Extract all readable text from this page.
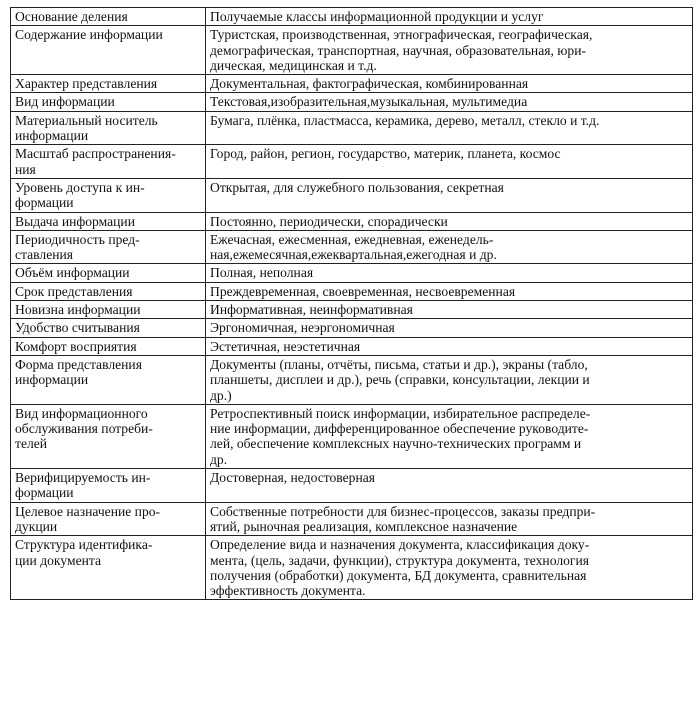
Основание деления	Получаемые классы информационной продукции и услуг
Содержание информации	Туристская, производственная, этнографическая, географическая,
демографическая, транспортная, научная, образовательная, юри-
дическая, медицинская и т.д.
Характер представления	Документальная, фактографическая, комбинированная
Вид информации	Текстовая,изобразительная,музыкальная, мультимедиа
Материальный носитель
информации	Бумага, плёнка, пластмасса, керамика, дерево, металл, стекло и т.д.
Масштаб распространения-
ния	Город, район, регион, государство, материк, планета, космос
Уровень доступа к ин-
формации	Открытая, для служебного пользования, секретная
Выдача информации	Постоянно, периодически, спорадически
Периодичность пред-
ставления	Ежечасная, ежесменная, ежедневная, еженедель-
ная,ежемесячная,ежеквартальная,ежегодная и др.
Объём информации	Полная, неполная
Срок представления	Преждевременная, своевременная, несвоевременная
Новизна информации	Информативная, неинформативная
Удобство считывания	Эргономичная, неэргономичная
Комфорт восприятия	Эстетичная, неэстетичная
Форма представления
информации	Документы (планы, отчёты, письма, статьи и др.), экраны (табло,
планшеты, дисплеи и др.), речь (справки, консультации, лекции и
др.)
Вид информационного
обслуживания потреби-
телей	Ретроспективный поиск информации, избирательное распределе-
ние информации, дифференцированное обеспечение руководите-
лей, обеспечение комплексных научно-технических программ и
др.
Верифицируемость ин-
формации	Достоверная, недостоверная
Целевое назначение про-
дукции	Собственные потребности для бизнес-процессов, заказы предпри-
ятий, рыночная реализация, комплексное назначение
Структура идентифика-
ции документа	Определение вида и назначения документа, классификация доку-
мента, (цель, задачи, функции), структура документа, технология
получения (обработки) документа, БД документа, сравнительная
эффективность документа.
